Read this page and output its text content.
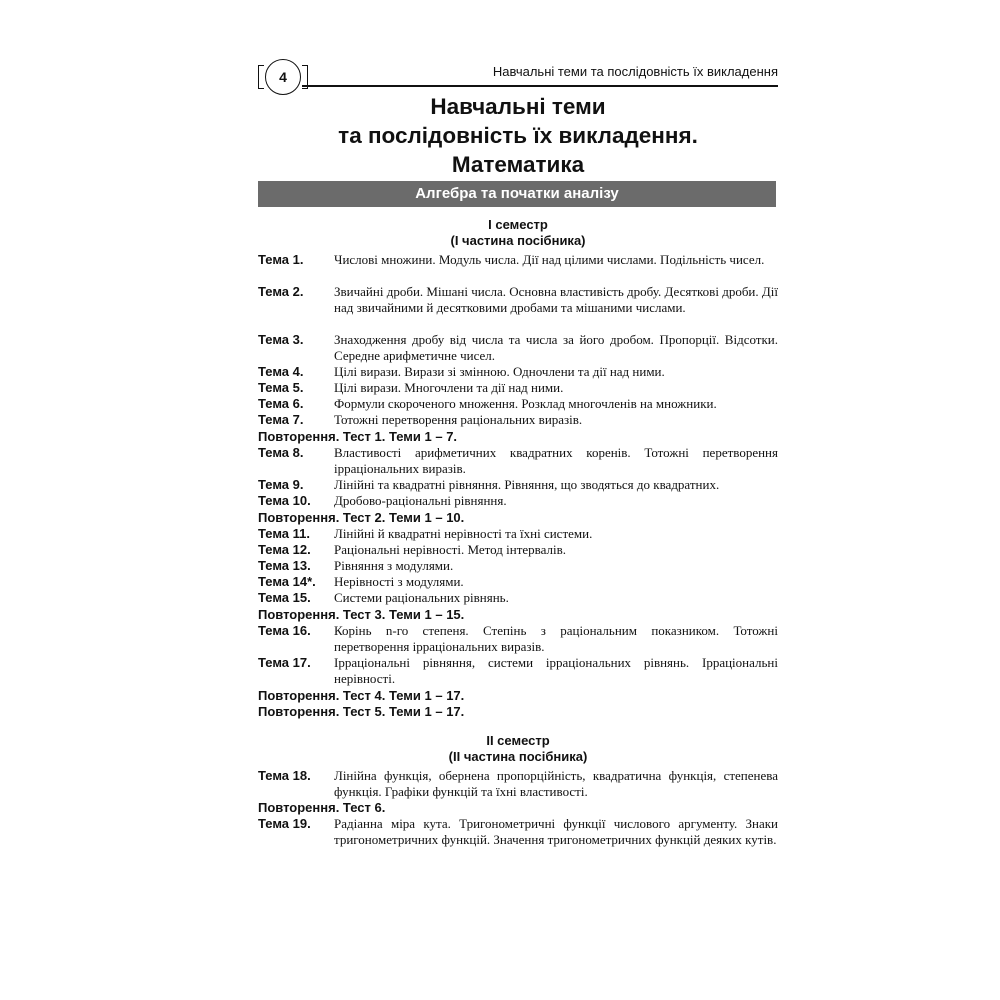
4	Навчальні теми та послідовність їх викладення
Навчальні теми
та послідовність їх викладення.
Математика
Алгебра та початки аналізу
I семестр
(I частина посібника)
Тема 1. Числові множини. Модуль числа. Дії над цілими числами. Подільність чисел.
Тема 2. Звичайні дроби. Мішані числа. Основна властивість дробу. Десяткові дроби. Дії над звичайними й десятковими дробами та мішаними числами.
Тема 3. Знаходження дробу від числа та числа за його дробом. Пропорції. Відсотки. Середне арифметичне чисел.
Тема 4. Цілі вирази. Вирази зі змінною. Одночлени та дії над ними.
Тема 5. Цілі вирази. Многочлени та дії над ними.
Тема 6. Формули скороченого множення. Розклад многочленів на множники.
Тема 7. Тотожні перетворення раціональних виразів.
Повторення. Тест 1. Теми 1 – 7.
Тема 8. Властивості арифметичних квадратних коренів. Тотожні перетворення ірраціональних виразів.
Тема 9. Лінійні та квадратні рівняння. Рівняння, що зводяться до квадратних.
Тема 10. Дробово-раціональні рівняння.
Повторення. Тест 2. Теми 1 – 10.
Тема 11. Лінійні й квадратні нерівності та їхні системи.
Тема 12. Раціональні нерівності. Метод інтервалів.
Тема 13. Рівняння з модулями.
Тема 14*. Нерівності з модулями.
Тема 15. Системи раціональних рівнянь.
Повторення. Тест 3. Теми 1 – 15.
Тема 16. Корінь n-го степеня. Степінь з раціональним показником. Тотожні перетворення ірраціональних виразів.
Тема 17. Ірраціональні рівняння, системи ірраціональних рівнянь. Ірраціональні нерівності.
Повторення. Тест 4. Теми 1 – 17.
Повторення. Тест 5. Теми 1 – 17.
II семестр
(II частина посібника)
Тема 18. Лінійна функція, обернена пропорційність, квадратична функція, степенева функція. Графіки функцій та їхні властивості.
Повторення. Тест 6.
Тема 19. Радіанна міра кута. Тригонометричні функції числового аргументу. Знаки тригонометричних функцій. Значення тригонометричних функцій деяких кутів.
